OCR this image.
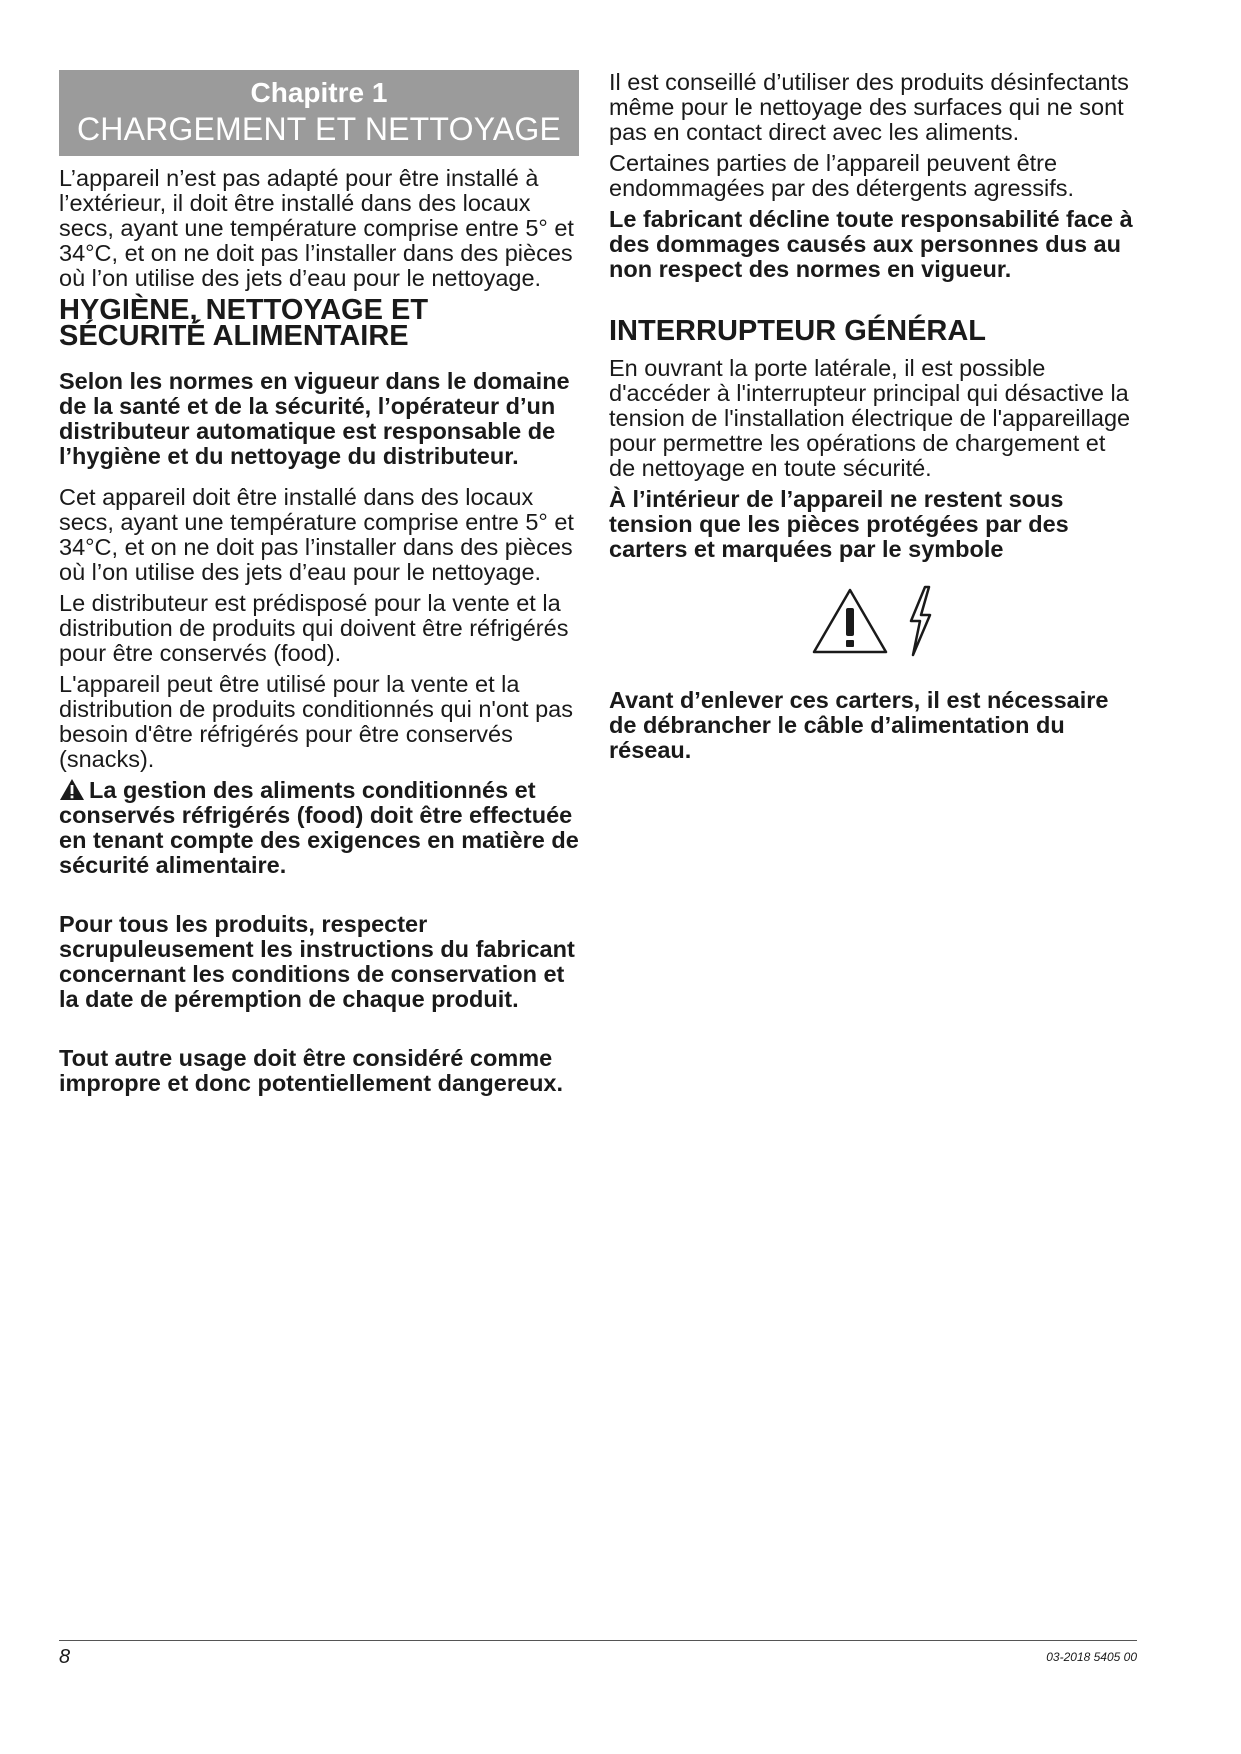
Chapitre 1
CHARGEMENT ET NETTOYAGE

L’appareil n’est pas adapté pour être installé à l’extérieur, il doit être installé dans des locaux secs, ayant une température comprise entre 5° et 34°C, et on ne doit pas l’installer dans des pièces où l’on utilise des jets d’eau pour le nettoyage.

HYGIÈNE, NETTOYAGE ET SÉCURITÉ ALIMENTAIRE

Selon les normes en vigueur dans le domaine de la santé et de la sécurité, l’opérateur d’un distributeur automatique est responsable de l’hygiène et du nettoyage du distributeur.

Cet appareil doit être installé dans des locaux secs, ayant une température comprise entre 5° et 34°C, et on ne doit pas l’installer dans des pièces où l’on utilise des jets d’eau pour le nettoyage.

Le distributeur est prédisposé pour la vente et la distribution de produits qui doivent être réfrigérés pour être conservés (food).

L'appareil peut être utilisé pour la vente et la distribution de produits conditionnés qui n'ont pas besoin d'être réfrigérés pour être conservés (snacks).

La gestion des aliments conditionnés et conservés réfrigérés (food) doit être effectuée en tenant compte des exigences en matière de sécurité alimentaire.

Pour tous les produits, respecter scrupuleusement les instructions du fabricant concernant les conditions de conservation et la date de péremption de chaque produit.

Tout autre usage doit être considéré comme impropre et donc potentiellement dangereux.

Il est conseillé d’utiliser des produits désinfectants même pour le nettoyage des surfaces qui ne sont pas en contact direct avec les aliments.

Certaines parties de l’appareil peuvent être endommagées par des détergents agressifs.

Le fabricant décline toute responsabilité face à des dommages causés aux personnes dus au non respect des normes en vigueur.

INTERRUPTEUR GÉNÉRAL

En ouvrant la porte latérale, il est possible d'accéder à l'interrupteur principal qui désactive la tension de l'installation électrique de l'appareillage pour permettre les opérations de chargement et de nettoyage en toute sécurité.

À l’intérieur de l’appareil ne restent sous tension que les pièces protégées par des carters et marquées par le symbole

Avant d’enlever ces carters, il est nécessaire de débrancher le câble d’alimentation du réseau.

8	03-2018 5405 00
